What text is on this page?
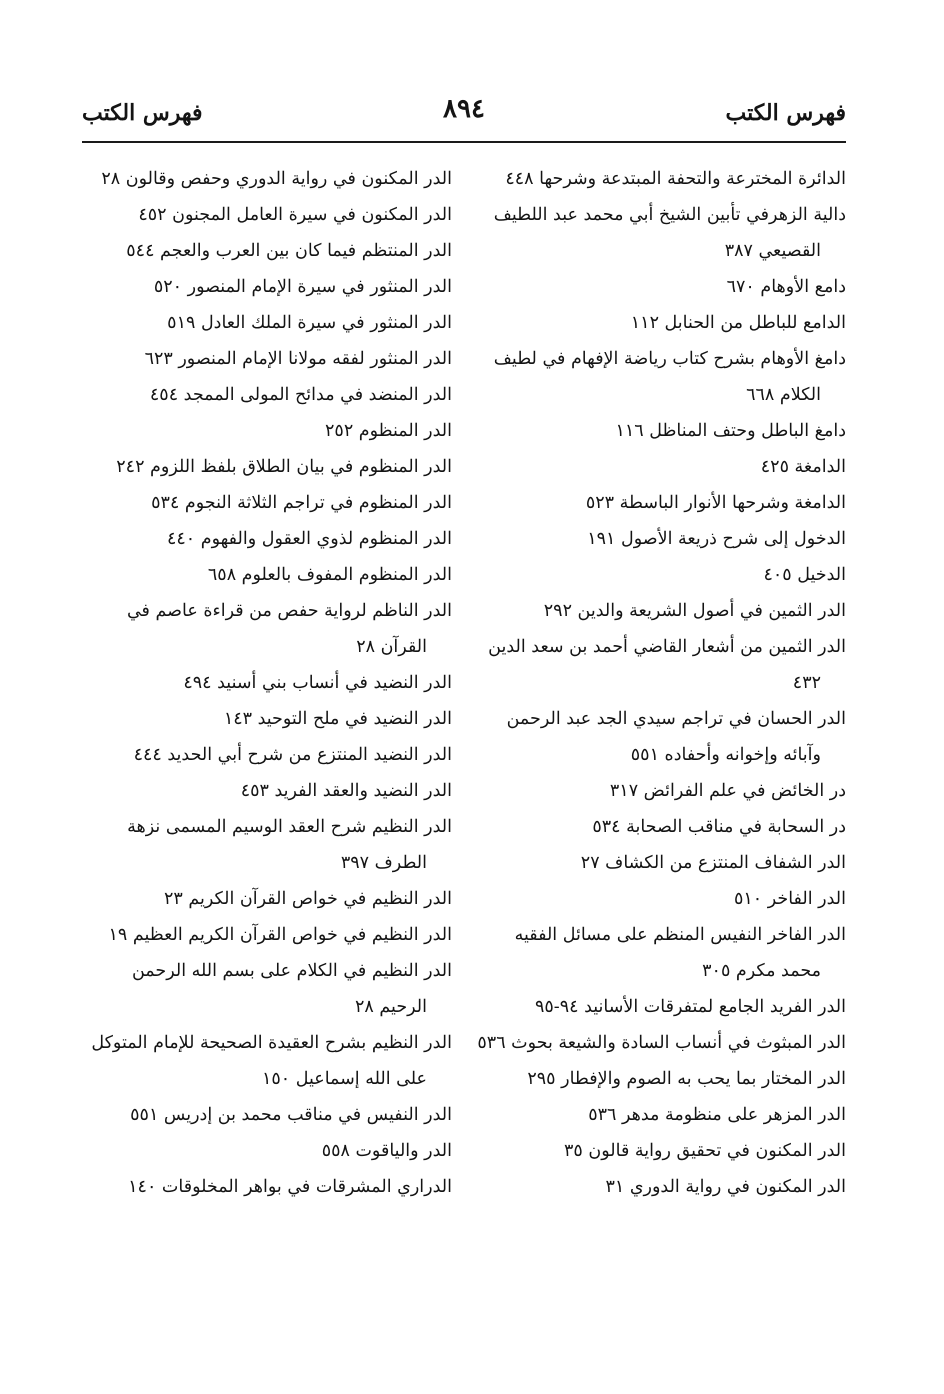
فهرس الكتب
٨٩٤
فهرس الكتب

الدائرة المخترعة والتحفة المبتدعة وشرحها ٤٤٨

دالية الزهرفي تأبين الشيخ أبي محمد عبد اللطيف القصيعي ٣٨٧

دامع الأوهام ٦٧٠

الدامع للباطل من الحنابل ١١٢

دامغ الأوهام بشرح كتاب رياضة الإفهام في لطيف الكلام ٦٦٨

دامغ الباطل وحتف المناظل ١١٦

الدامغة ٤٢٥

الدامغة وشرحها الأنوار الباسطة ٥٢٣

الدخول إلى شرح ذريعة الأصول ١٩١

الدخيل ٤٠٥

الدر الثمين في أصول الشريعة والدين ٢٩٢

الدر الثمين من أشعار القاضي أحمد بن سعد الدين ٤٣٢

الدر الحسان في تراجم سيدي الجد عبد الرحمن وآبائه وإخوانه وأحفاده ٥٥١

در الخائض في علم الفرائض ٣١٧

در السحابة في مناقب الصحابة ٥٣٤

الدر الشفاف المنتزع من الكشاف ٢٧

الدر الفاخر ٥١٠

الدر الفاخر النفيس المنظم على مسائل الفقيه محمد مكرم ٣٠٥

الدر الفريد الجامع لمتفرقات الأسانيد ٩٤-٩٥

الدر المبثوث في أنساب السادة والشيعة بحوث ٥٣٦

الدر المختار بما يحب به الصوم والإفطار ٢٩٥

الدر المزهر على منظومة مدهر ٥٣٦

الدر المكنون في تحقيق رواية قالون ٣٥

الدر المكنون في رواية الدوري ٣١

الدر المكنون في رواية الدوري وحفص وقالون ٢٨

الدر المكنون في سيرة العامل المجنون ٤٥٢

الدر المنتظم فيما كان بين العرب والعجم ٥٤٤

الدر المنثور في سيرة الإمام المنصور ٥٢٠

الدر المنثور في سيرة الملك العادل ٥١٩

الدر المنثور لفقه مولانا الإمام المنصور ٦٢٣

الدر المنضد في مدائح المولى الممجد ٤٥٤

الدر المنظوم ٢٥٢

الدر المنظوم في بيان الطلاق بلفظ اللزوم ٢٤٢

الدر المنظوم في تراجم الثلاثة النجوم ٥٣٤

الدر المنظوم لذوي العقول والفهوم ٤٤٠

الدر المنظوم المفوف بالعلوم ٦٥٨

الدر الناظم لرواية حفص من قراءة عاصم في القرآن ٢٨

الدر النضيد في أنساب بني أسنيد ٤٩٤

الدر النضيد في ملح التوحيد ١٤٣

الدر النضيد المنتزع من شرح أبي الحديد ٤٤٤

الدر النضيد والعقد الفريد ٤٥٣

الدر النظيم شرح العقد الوسيم المسمى نزهة الطرف ٣٩٧

الدر النظيم في خواص القرآن الكريم ٢٣

الدر النظيم في خواص القرآن الكريم العظيم ١٩

الدر النظيم في الكلام على بسم الله الرحمن الرحيم ٢٨

الدر النظيم بشرح العقيدة الصحيحة للإمام المتوكل على الله إسماعيل ١٥٠

الدر النفيس في مناقب محمد بن إدريس ٥٥١

الدر والياقوت ٥٥٨

الدراري المشرقات في بواهر المخلوقات ١٤٠
